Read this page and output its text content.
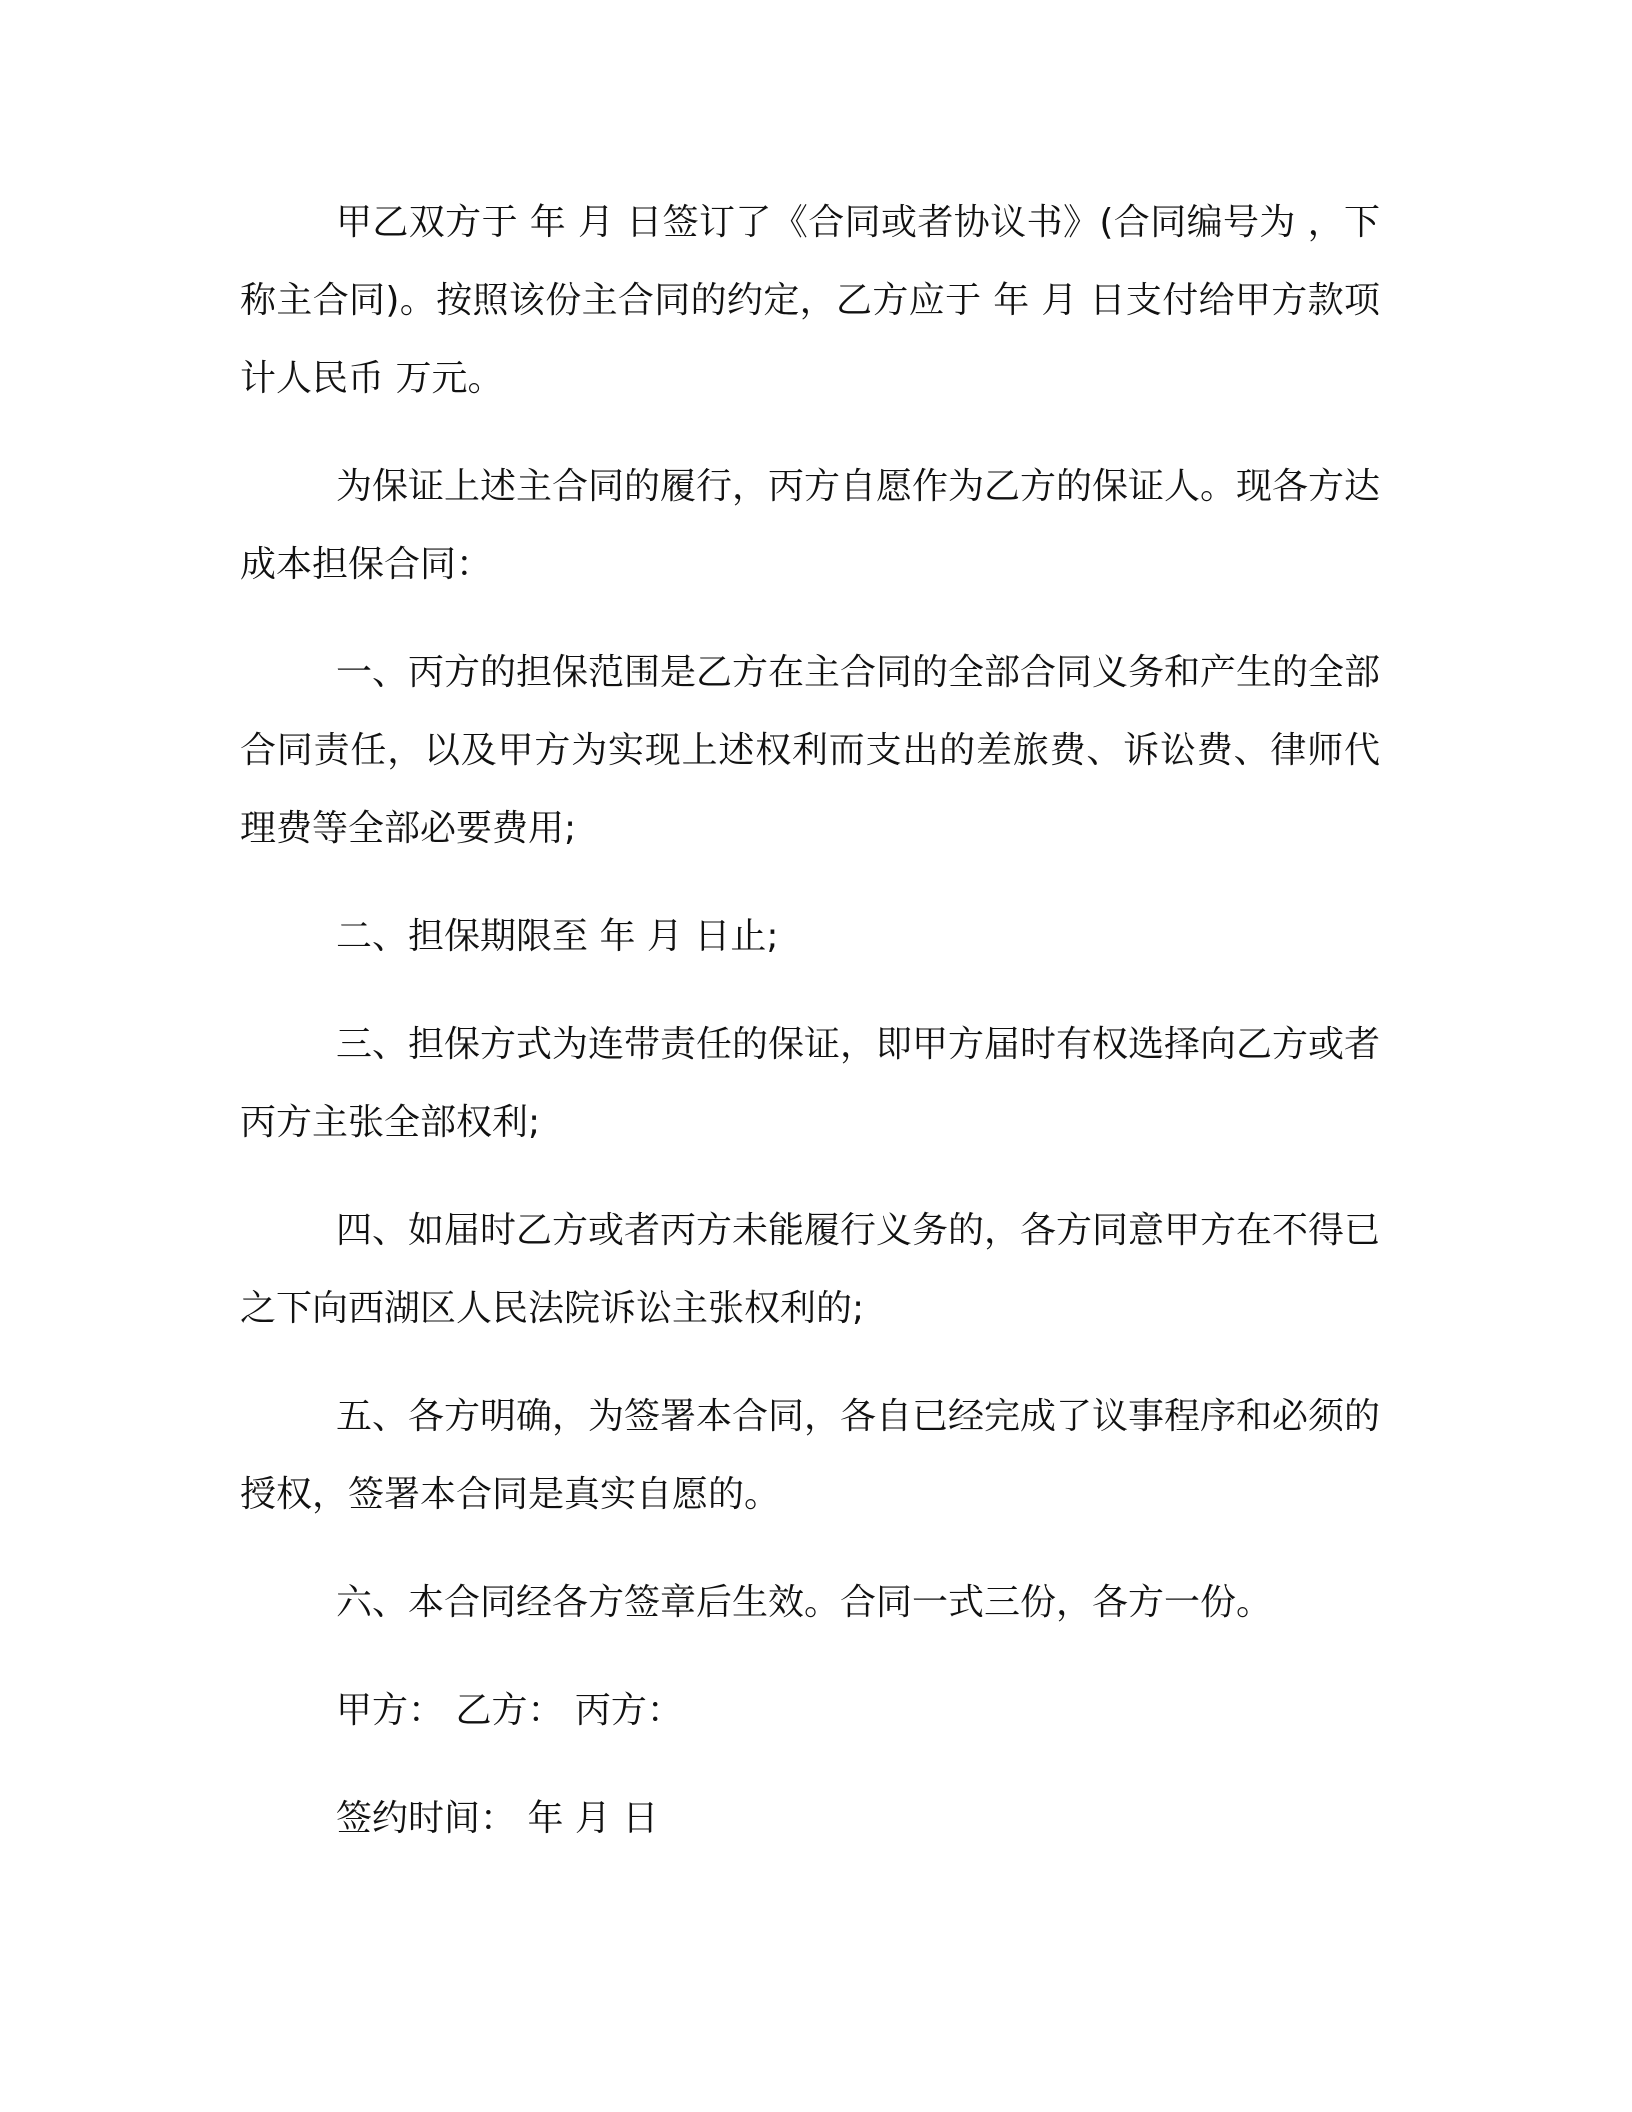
甲乙双方于 年 月 日签订了《合同或者协议书》(合同编号为 ，下称主合同)。按照该份主合同的约定，乙方应于 年 月 日支付给甲方款项计人民币 万元。

为保证上述主合同的履行，丙方自愿作为乙方的保证人。现各方达成本担保合同：

一、丙方的担保范围是乙方在主合同的全部合同义务和产生的全部合同责任，以及甲方为实现上述权利而支出的差旅费、诉讼费、律师代理费等全部必要费用;

二、担保期限至 年 月 日止;

三、担保方式为连带责任的保证，即甲方届时有权选择向乙方或者丙方主张全部权利;

四、如届时乙方或者丙方未能履行义务的，各方同意甲方在不得已之下向西湖区人民法院诉讼主张权利的;

五、各方明确，为签署本合同，各自已经完成了议事程序和必须的授权，签署本合同是真实自愿的。

六、本合同经各方签章后生效。合同一式三份，各方一份。

甲方： 乙方： 丙方：

签约时间： 年 月 日
